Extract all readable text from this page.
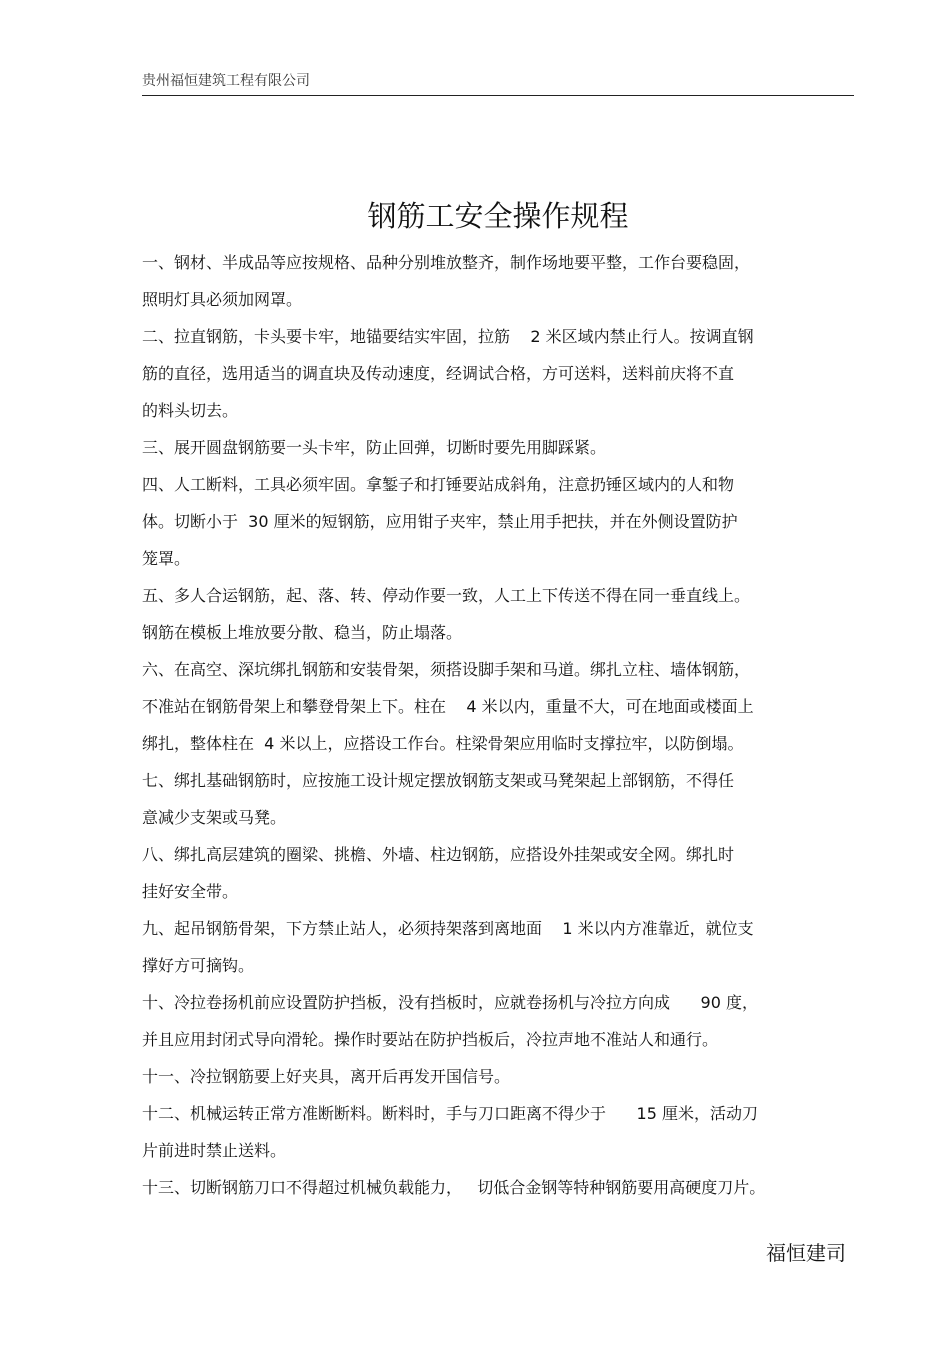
贵州福恒建筑工程有限公司
钢筋工安全操作规程
一、钢材、半成品等应按规格、品种分别堆放整齐，制作场地要平整，工作台要稳固，
照明灯具必须加网罩。
二、拉直钢筋，卡头要卡牢，地锚要结实牢固，拉筋    2 米区域内禁止行人。按调直钢
筋的直径，选用适当的调直块及传动速度，经调试合格，方可送料，送料前庆将不直
的料头切去。
三、展开圆盘钢筋要一头卡牢，防止回弹，切断时要先用脚踩紧。
四、人工断料，工具必须牢固。拿錾子和打锤要站成斜角，注意扔锤区域内的人和物
体。切断小于  30 厘米的短钢筋，应用钳子夹牢，禁止用手把扶，并在外侧设置防护
笼罩。
五、多人合运钢筋，起、落、转、停动作要一致，人工上下传送不得在同一垂直线上。
钢筋在模板上堆放要分散、稳当，防止塌落。
六、在高空、深坑绑扎钢筋和安装骨架，须搭设脚手架和马道。绑扎立柱、墙体钢筋，
不准站在钢筋骨架上和攀登骨架上下。柱在    4 米以内，重量不大，可在地面或楼面上
绑扎，整体柱在  4 米以上，应搭设工作台。柱梁骨架应用临时支撑拉牢，以防倒塌。
七、绑扎基础钢筋时，应按施工设计规定摆放钢筋支架或马凳架起上部钢筋，不得任
意减少支架或马凳。
八、绑扎高层建筑的圈梁、挑檐、外墙、柱边钢筋，应搭设外挂架或安全网。绑扎时
挂好安全带。
九、起吊钢筋骨架，下方禁止站人，必须持架落到离地面    1 米以内方准靠近，就位支
撑好方可摘钩。
十、冷拉卷扬机前应设置防护挡板，没有挡板时，应就卷扬机与冷拉方向成      90 度，
并且应用封闭式导向滑轮。操作时要站在防护挡板后，冷拉声地不准站人和通行。
十一、冷拉钢筋要上好夹具，离开后再发开国信号。
十二、机械运转正常方准断断料。断料时，手与刀口距离不得少于      15 厘米，活动刀
片前进时禁止送料。
十三、切断钢筋刀口不得超过机械负载能力，   切低合金钢等特种钢筋要用高硬度刀片。
福恒建司
